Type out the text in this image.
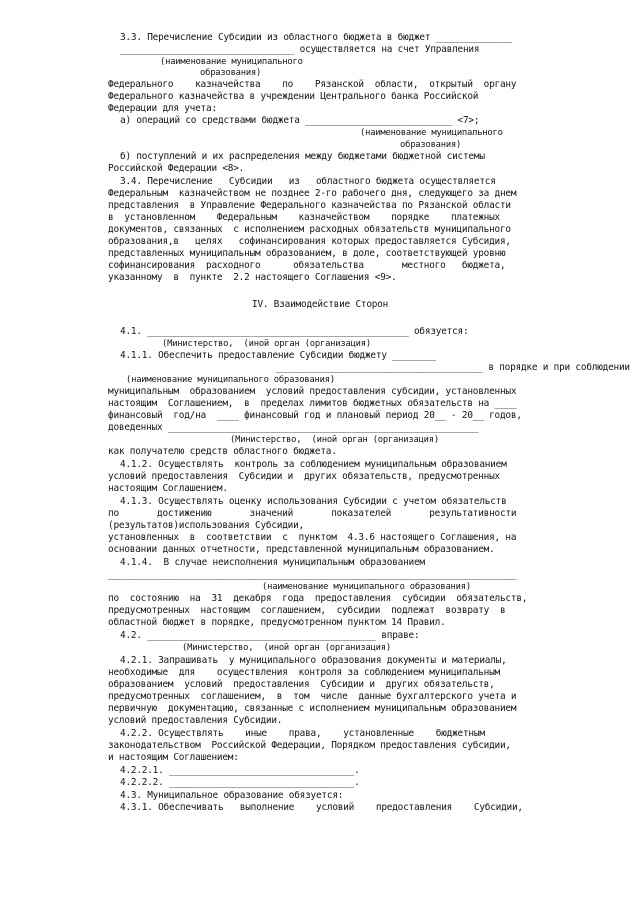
3.3. Перечисление Субсидии из областного бюджета в бюджет ______________
________________________________ осуществляется на счет Управления
(наименование муниципального
образования)
Федерального    казначейства    по    Рязанской  области,  открытый  органу
Федерального казначейства в учреждении Центрального банка Российской
Федерации для учета:
а) операций со средствами бюджета ___________________________ <7>;
(наименование муниципального
образования)
б) поступлений и их распределения между бюджетами бюджетной системы
Российской Федерации <8>.
3.4. Перечисление   Субсидии   из   областного бюджета осуществляется
Федеральным  казначейством не позднее 2-го рабочего дня, следующего за днем
представления  в Управление Федерального казначейства по Рязанской области
в  установленном    Федеральным    казначейством    порядке    платежных
документов, связанных  с исполнением расходных обязательств муниципального
образования,в   целях   софинансирования которых предоставляется Субсидия,
представленных муниципальным образованием, в доле, соответствующей уровню
софинансирования  расходного      обязательства       местного   бюджета,
указанному  в  пункте  2.2 настоящего Соглашения <9>.
IV. Взаимодействие Сторон
4.1. ________________________________________________ обязуется:
(Министерство,  (иной орган (организация)
4.1.1. Обеспечить предоставление Субсидии бюджету ________
______________________________________ в порядке и при соблюдении
(наименование муниципального образования)
муниципальным  образованием  условий предоставления субсидии, установленных
настоящим  Соглашением,  в  пределах лимитов бюджетных обязательств на ____
финансовый  год/на  ____ финансовый год и плановый период 20__ - 20__ годов,
доведенных _________________________________________________________
(Министерство,  (иной орган (организация)
как получателю средств областного бюджета.
4.1.2. Осуществлять  контроль за соблюдением муниципальным образованием
условий предоставления  Субсидии и  других обязательств, предусмотренных
настоящим Соглашением.
4.1.3. Осуществлять оценку использования Субсидии с учетом обязательств
по       достижению       значений       показателей       результативности
(результатов)использования Субсидии,
установленных  в  соответствии  с  пунктом  4.3.6 настоящего Соглашения, на
основании данных отчетности, представленной муниципальным образованием.
4.1.4.  В случае неисполнения муниципальным образованием
___________________________________________________________________________
(наименование муниципального образования)
по  состоянию  на  31  декабря  года  предоставления  субсидии  обязательств,
предусмотренных  настоящим  соглашением,  субсидии  подлежат  возврату  в
областной бюджет в порядке, предусмотренном пунктом 14 Правил.
4.2. __________________________________________ вправе:
(Министерство,  (иной орган (организация)
4.2.1. Запрашивать  у муниципального образования документы и материалы,
необходимые  для    осуществления  контроля за соблюдением муниципальным
образованием  условий  предоставления  Субсидии и  других обязательств,
предусмотренных  соглашением,  в  том  числе  данные бухгалтерского учета и
первичную  документацию, связанные с исполнением муниципальным образованием
условий предоставления Субсидии.
4.2.2. Осуществлять    иные    права,    установленные    бюджетным
законодательством  Российской Федерации, Порядком предоставления субсидии,
и настоящим Соглашением:
4.2.2.1. __________________________________.
4.2.2.2. __________________________________.
4.3. Муниципальное образование обязуется:
4.3.1. Обеспечивать   выполнение    условий    предоставления    Субсидии,
